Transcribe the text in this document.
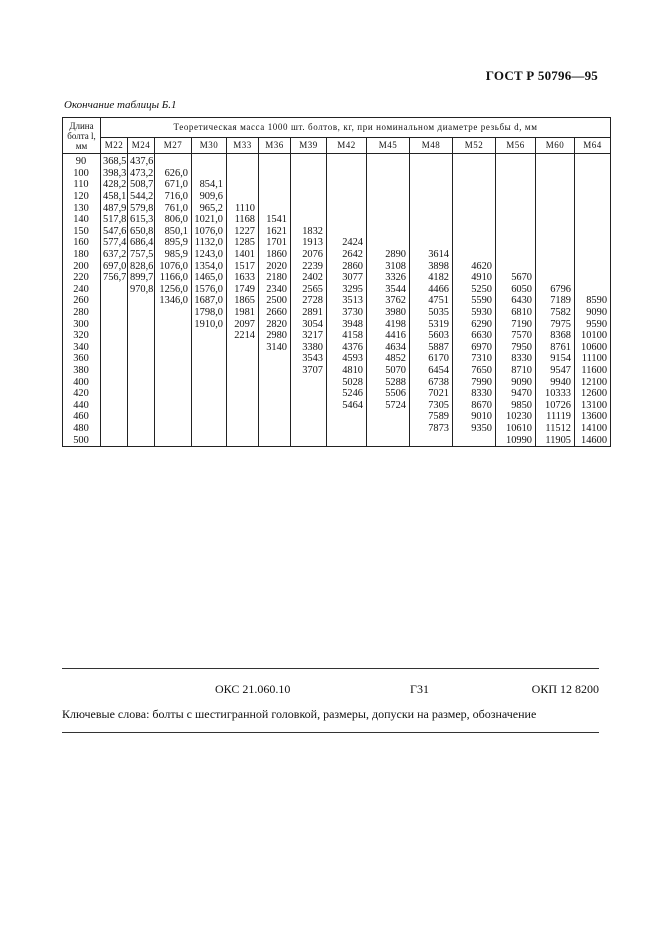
ГОСТ Р 50796—95
Окончание таблицы Б.1
Длина
болта l,
мм	Теоретическая масса 1000 шт. болтов, кг, при номинальном диаметре резьбы d, мм													
	М22	М24	М27	М30	М33	М36	М39	М42	М45	М48	М52	М56	М60	М64
90	368,5	437,6												
100	398,3	473,2	626,0											
110	428,2	508,7	671,0	854,1										
120	458,1	544,2	716,0	909,6										
130	487,9	579,8	761,0	965,2	1110									
140	517,8	615,3	806,0	1021,0	1168	1541								
150	547,6	650,8	850,1	1076,0	1227	1621	1832							
160	577,4	686,4	895,9	1132,0	1285	1701	1913	2424						
180	637,2	757,5	985,9	1243,0	1401	1860	2076	2642	2890	3614				
200	697,0	828,6	1076,0	1354,0	1517	2020	2239	2860	3108	3898	4620			
220	756,7	899,7	1166,0	1465,0	1633	2180	2402	3077	3326	4182	4910	5670		
240		970,8	1256,0	1576,0	1749	2340	2565	3295	3544	4466	5250	6050	6796	
260			1346,0	1687,0	1865	2500	2728	3513	3762	4751	5590	6430	7189	8590
280				1798,0	1981	2660	2891	3730	3980	5035	5930	6810	7582	9090
300				1910,0	2097	2820	3054	3948	4198	5319	6290	7190	7975	9590
320					2214	2980	3217	4158	4416	5603	6630	7570	8368	10100
340						3140	3380	4376	4634	5887	6970	7950	8761	10600
360							3543	4593	4852	6170	7310	8330	9154	11100
380							3707	4810	5070	6454	7650	8710	9547	11600
400								5028	5288	6738	7990	9090	9940	12100
420								5246	5506	7021	8330	9470	10333	12600
440								5464	5724	7305	8670	9850	10726	13100
460										7589	9010	10230	11119	13600
480										7873	9350	10610	11512	14100
500												10990	11905	14600
ОКС 21.060.10	Г31	ОКП 12 8200
Ключевые слова: болты с шестигранной головкой, размеры, допуски на размер, обозначение
